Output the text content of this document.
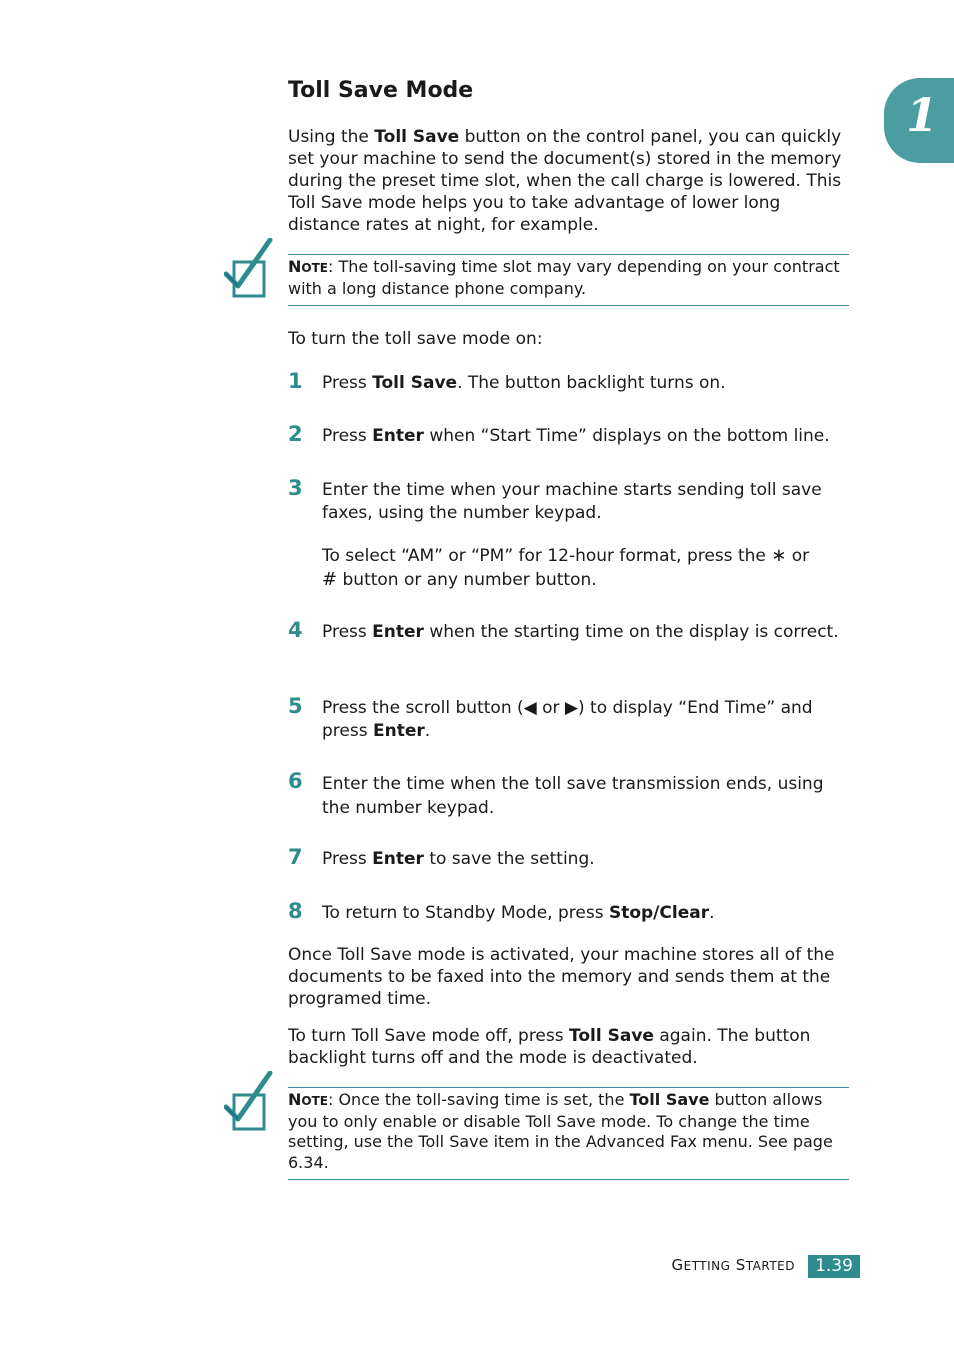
1
Toll Save Mode
Using the Toll Save button on the control panel, you can quickly set your machine to send the document(s) stored in the memory during the preset time slot, when the call charge is lowered. This Toll Save mode helps you to take advantage of lower long distance rates at night, for example.
NOTE: The toll-saving time slot may vary depending on your contract with a long distance phone company.
To turn the toll save mode on:
1	Press Toll Save. The button backlight turns on.
2	Press Enter when “Start Time” displays on the bottom line.
3	Enter the time when your machine starts sending toll save faxes, using the number keypad.
To select “AM” or “PM” for 12-hour format, press the ∗ or
# button or any number button.
4	Press Enter when the starting time on the display is correct.
5	Press the scroll button (◀ or ▶) to display “End Time” and press Enter.
6	Enter the time when the toll save transmission ends, using the number keypad.
7	Press Enter to save the setting.
8	To return to Standby Mode, press Stop/Clear.
Once Toll Save mode is activated, your machine stores all of the documents to be faxed into the memory and sends them at the programed time.
To turn Toll Save mode off, press Toll Save again. The button backlight turns off and the mode is deactivated.
NOTE: Once the toll-saving time is set, the Toll Save button allows you to only enable or disable Toll Save mode. To change the time setting, use the Toll Save item in the Advanced Fax menu. See page 6.34.
GETTING STARTED	1.39
